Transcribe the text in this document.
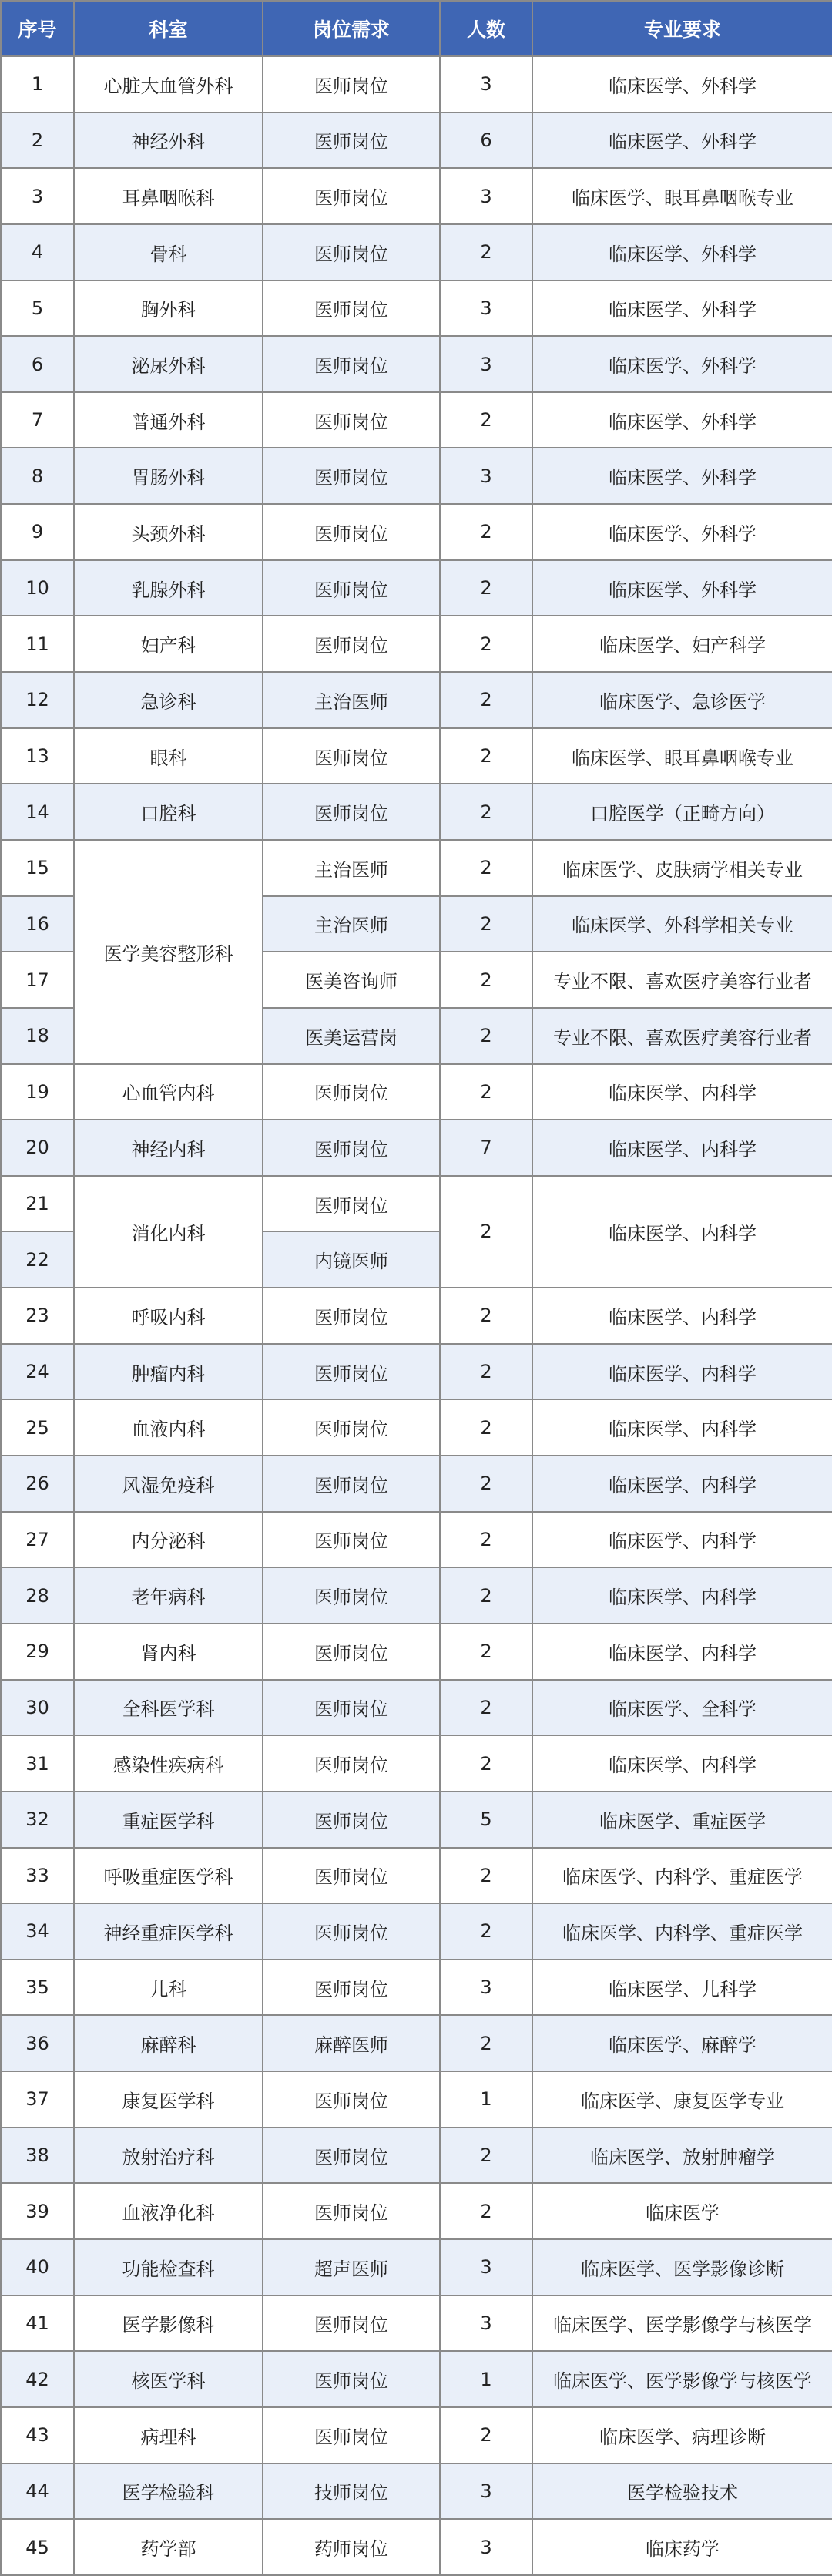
序号	科室	岗位需求	人数	专业要求
1	心脏大血管外科	医师岗位	3	临床医学、外科学
2	神经外科	医师岗位	6	临床医学、外科学
3	耳鼻咽喉科	医师岗位	3	临床医学、眼耳鼻咽喉专业
4	骨科	医师岗位	2	临床医学、外科学
5	胸外科	医师岗位	3	临床医学、外科学
6	泌尿外科	医师岗位	3	临床医学、外科学
7	普通外科	医师岗位	2	临床医学、外科学
8	胃肠外科	医师岗位	3	临床医学、外科学
9	头颈外科	医师岗位	2	临床医学、外科学
10	乳腺外科	医师岗位	2	临床医学、外科学
11	妇产科	医师岗位	2	临床医学、妇产科学
12	急诊科	主治医师	2	临床医学、急诊医学
13	眼科	医师岗位	2	临床医学、眼耳鼻咽喉专业
14	口腔科	医师岗位	2	口腔医学（正畸方向）
15	医学美容整形科	主治医师	2	临床医学、皮肤病学相关专业
16		主治医师	2	临床医学、外科学相关专业
17		医美咨询师	2	专业不限、喜欢医疗美容行业者
18		医美运营岗	2	专业不限、喜欢医疗美容行业者
19	心血管内科	医师岗位	2	临床医学、内科学
20	神经内科	医师岗位	7	临床医学、内科学
21	消化内科	医师岗位	2	临床医学、内科学
22		内镜医师		
23	呼吸内科	医师岗位	2	临床医学、内科学
24	肿瘤内科	医师岗位	2	临床医学、内科学
25	血液内科	医师岗位	2	临床医学、内科学
26	风湿免疫科	医师岗位	2	临床医学、内科学
27	内分泌科	医师岗位	2	临床医学、内科学
28	老年病科	医师岗位	2	临床医学、内科学
29	肾内科	医师岗位	2	临床医学、内科学
30	全科医学科	医师岗位	2	临床医学、全科学
31	感染性疾病科	医师岗位	2	临床医学、内科学
32	重症医学科	医师岗位	5	临床医学、重症医学
33	呼吸重症医学科	医师岗位	2	临床医学、内科学、重症医学
34	神经重症医学科	医师岗位	2	临床医学、内科学、重症医学
35	儿科	医师岗位	3	临床医学、儿科学
36	麻醉科	麻醉医师	2	临床医学、麻醉学
37	康复医学科	医师岗位	1	临床医学、康复医学专业
38	放射治疗科	医师岗位	2	临床医学、放射肿瘤学
39	血液净化科	医师岗位	2	临床医学
40	功能检查科	超声医师	3	临床医学、医学影像诊断
41	医学影像科	医师岗位	3	临床医学、医学影像学与核医学
42	核医学科	医师岗位	1	临床医学、医学影像学与核医学
43	病理科	医师岗位	2	临床医学、病理诊断
44	医学检验科	技师岗位	3	医学检验技术
45	药学部	药师岗位	3	临床药学
